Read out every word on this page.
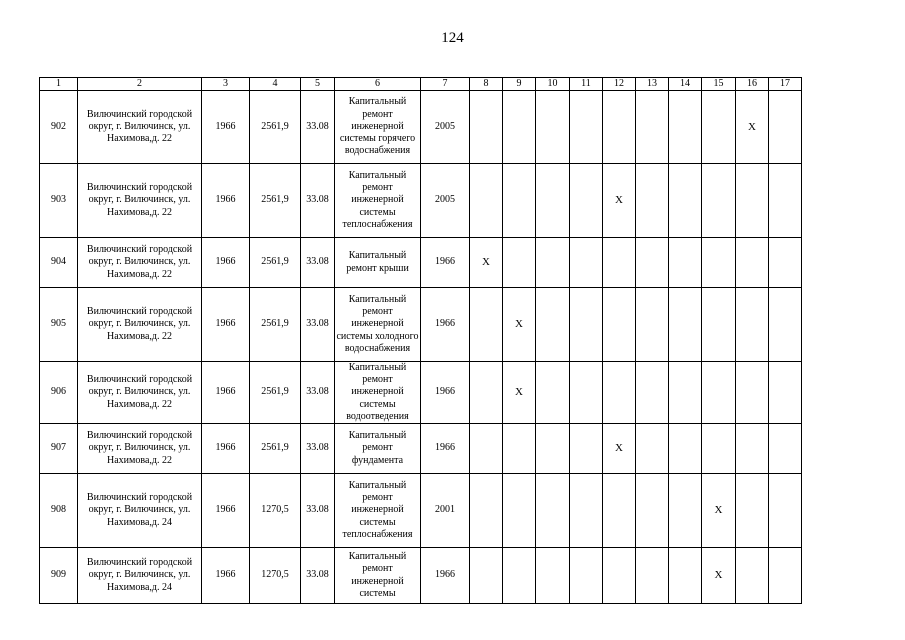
124
1	2	3	4	5	6	7	8	9	10	11	12	13	14	15	16	17
902	Вилючинский городской округ, г. Вилючинск, ул. Нахимова,д. 22	1966	2561,9	33.08	Капитальный ремонт инженерной системы горячего водоснабжения	2005									X	
903	Вилючинский городской округ, г. Вилючинск, ул. Нахимова,д. 22	1966	2561,9	33.08	Капитальный ремонт инженерной системы теплоснабжения	2005					X					
904	Вилючинский городской округ, г. Вилючинск, ул. Нахимова,д. 22	1966	2561,9	33.08	Капитальный ремонт крыши	1966	X									
905	Вилючинский городской округ, г. Вилючинск, ул. Нахимова,д. 22	1966	2561,9	33.08	Капитальный ремонт инженерной системы холодного водоснабжения	1966		X								
906	Вилючинский городской округ, г. Вилючинск, ул. Нахимова,д. 22	1966	2561,9	33.08	Капитальный ремонт инженерной системы водоотведения	1966		X								
907	Вилючинский городской округ, г. Вилючинск, ул. Нахимова,д. 22	1966	2561,9	33.08	Капитальный ремонт фундамента	1966					X					
908	Вилючинский городской округ, г. Вилючинск, ул. Нахимова,д. 24	1966	1270,5	33.08	Капитальный ремонт инженерной системы теплоснабжения	2001								X		
909	Вилючинский городской округ, г. Вилючинск, ул. Нахимова,д. 24	1966	1270,5	33.08	Капитальный ремонт инженерной системы	1966								X		
